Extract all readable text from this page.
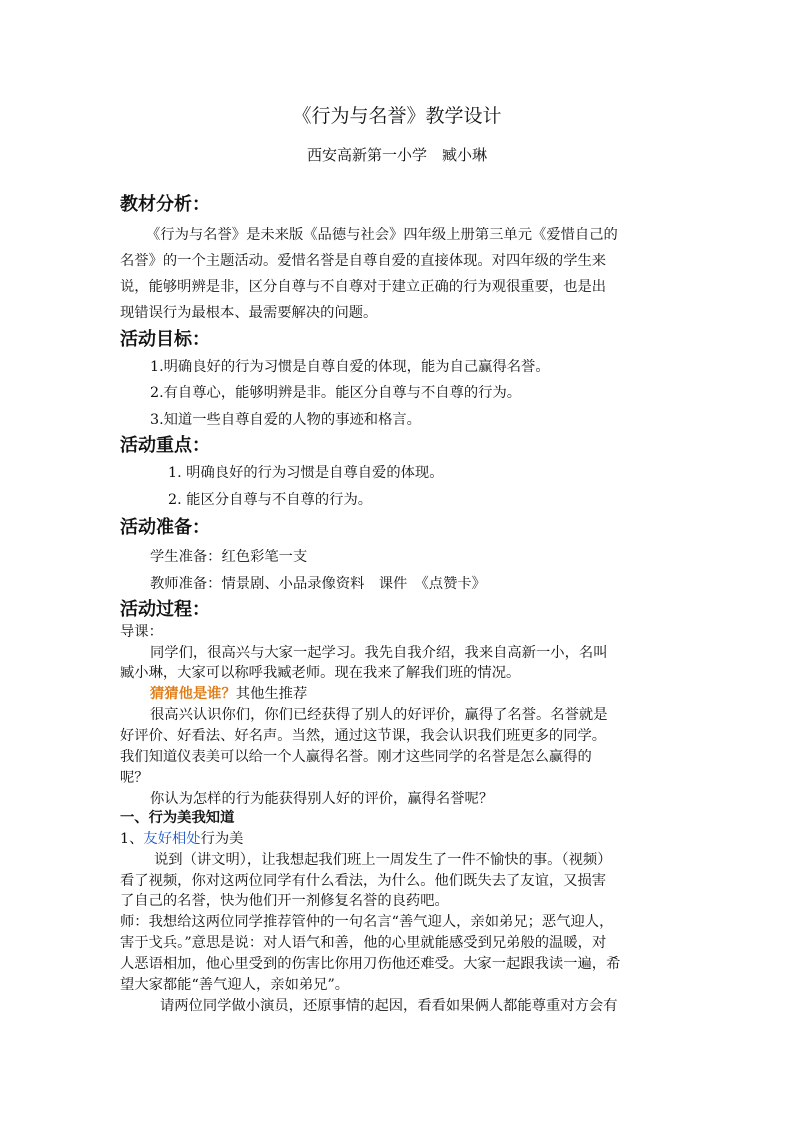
《行为与名誉》教学设计
西安高新第一小学　臧小琳
教材分析：
《行为与名誉》是未来版《品德与社会》四年级上册第三单元《爱惜自己的
名誉》的一个主题活动。爱惜名誉是自尊自爱的直接体现。对四年级的学生来
说，能够明辨是非，区分自尊与不自尊对于建立正确的行为观很重要，也是出
现错误行为最根本、最需要解决的问题。
活动目标：
1.明确良好的行为习惯是自尊自爱的体现，能为自己赢得名誉。
2.有自尊心，能够明辨是非。能区分自尊与不自尊的行为。
3.知道一些自尊自爱的人物的事迹和格言。
活动重点：
1. 明确良好的行为习惯是自尊自爱的体现。
2. 能区分自尊与不自尊的行为。
活动准备：
学生准备：红色彩笔一支
教师准备：情景剧、小品录像资料　课件　《点赞卡》
活动过程：
导课：
同学们，很高兴与大家一起学习。我先自我介绍，我来自高新一小，名叫
臧小琳，大家可以称呼我臧老师。现在我来了解我们班的情况。
猜猜他是谁？其他生推荐
很高兴认识你们，你们已经获得了别人的好评价，赢得了名誉。名誉就是
好评价、好看法、好名声。当然，通过这节课，我会认识我们班更多的同学。
我们知道仪表美可以给一个人赢得名誉。刚才这些同学的名誉是怎么赢得的
呢？
你认为怎样的行为能获得别人好的评价，赢得名誉呢？
一、行为美我知道
1、友好相处行为美
说到（讲文明），让我想起我们班上一周发生了一件不愉快的事。（视频）
看了视频，你对这两位同学有什么看法，为什么。他们既失去了友谊，又损害
了自己的名誉，快为他们开一剂修复名誉的良药吧。
师：我想给这两位同学推荐管仲的一句名言“善气迎人，亲如弟兄；恶气迎人，
害于戈兵。”意思是说：对人语气和善，他的心里就能感受到兄弟般的温暖，对
人恶语相加，他心里受到的伤害比你用刀伤他还难受。大家一起跟我读一遍，希
望大家都能“善气迎人，亲如弟兄”。
请两位同学做小演员，还原事情的起因，看看如果俩人都能尊重对方会有
